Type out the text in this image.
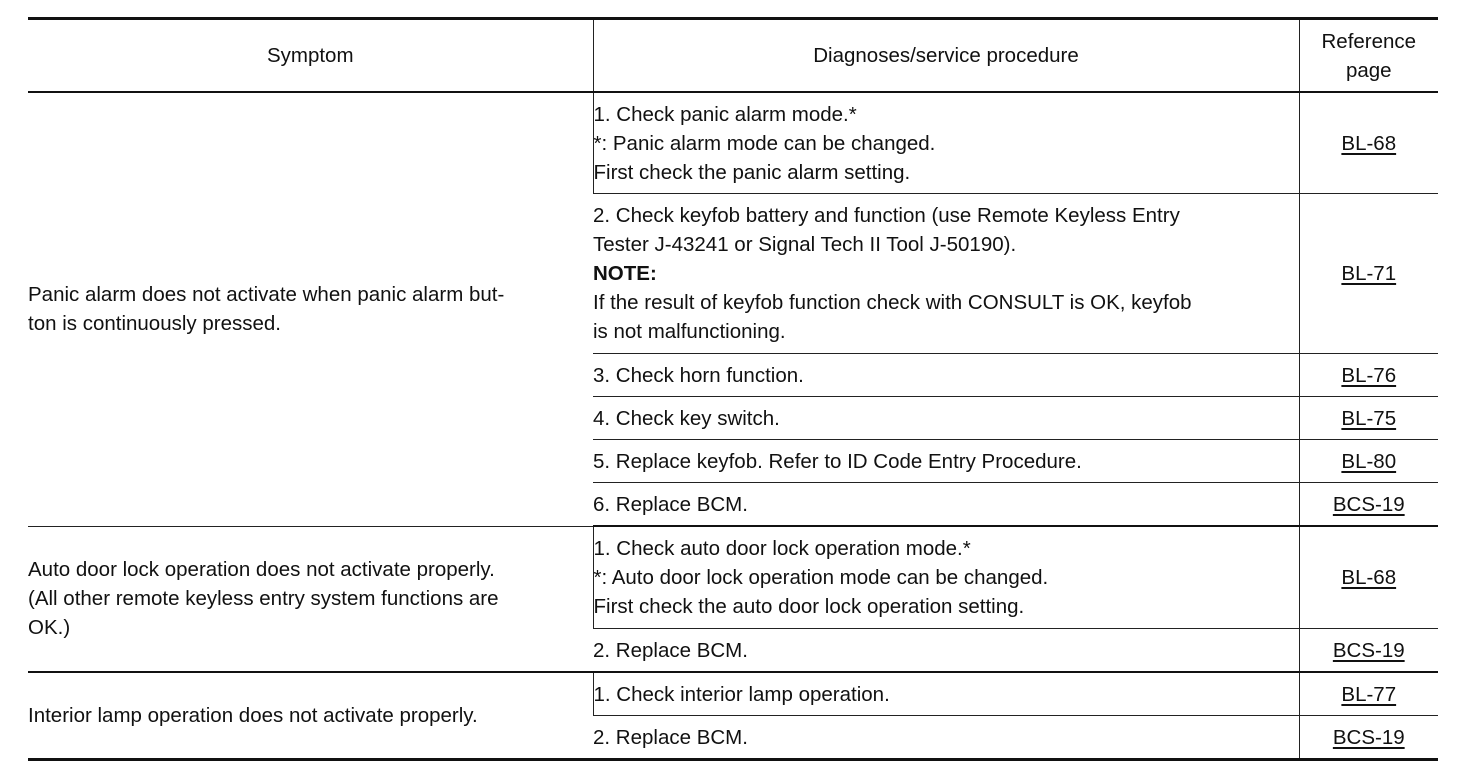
Symptom	Diagnoses/service procedure	Reference page

Panic alarm does not activate when panic alarm but-
ton is continuously pressed.	1. Check panic alarm mode.*
*: Panic alarm mode can be changed.
First check the panic alarm setting.	BL-68

	2. Check keyfob battery and function (use Remote Keyless Entry
Tester J-43241 or Signal Tech II Tool J-50190).
NOTE:
If the result of keyfob function check with CONSULT is OK, keyfob
is not malfunctioning.	BL-71

	3. Check horn function.	BL-76

	4. Check key switch.	BL-75

	5. Replace keyfob. Refer to ID Code Entry Procedure.	BL-80

	6. Replace BCM.	BCS-19

Auto door lock operation does not activate properly.
(All other remote keyless entry system functions are
OK.)	1. Check auto door lock operation mode.*
*: Auto door lock operation mode can be changed.
First check the auto door lock operation setting.	BL-68

	2. Replace BCM.	BCS-19

Interior lamp operation does not activate properly.	1. Check interior lamp operation.	BL-77

	2. Replace BCM.	BCS-19
